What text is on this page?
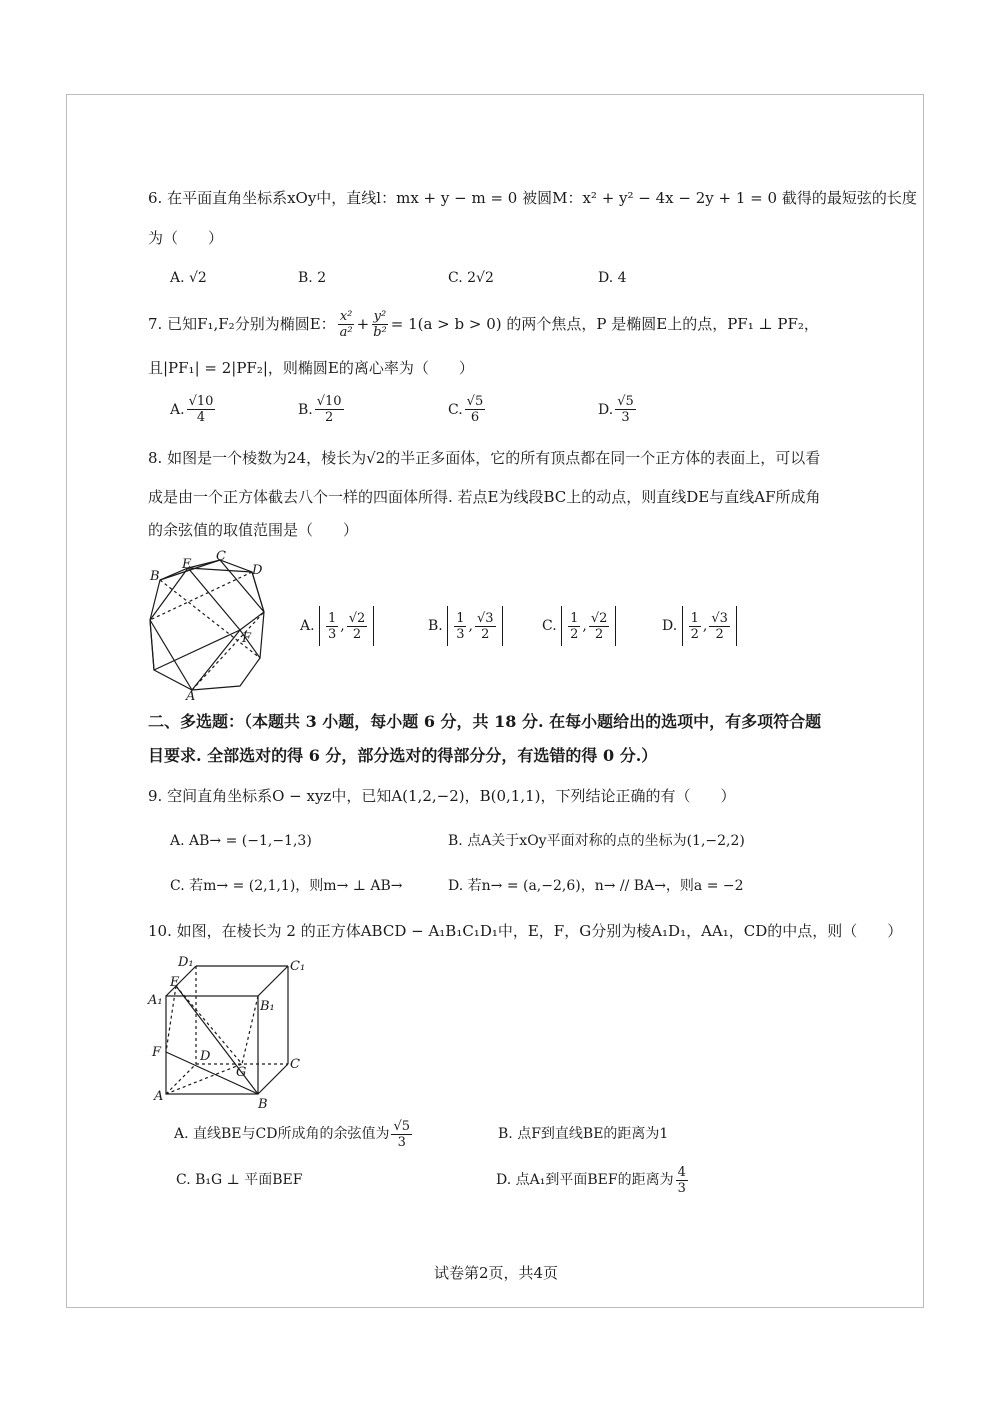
6. 在平面直角坐标系xOy中，直线l：mx + y − m = 0 被圆M：x² + y² − 4x − 2y + 1 = 0 截得的最短弦的长度
为（　　）
A. √2	B. 2	C. 2√2	D. 4
7. 已知F₁,F₂分别为椭圆E： $\frac{\text{x²}}{\text{a²}} + \frac{\text{y²}}{\text{b²}} = 1(a > b > 0)$ 的两个焦点，P 是椭圆E上的点，PF₁ ⊥ PF₂，
且|PF₁| = 2|PF₂|，则椭圆E的离心率为（　　）
A. $\frac{√10}{4}$	B. $\frac{√10}{2}$	C. $\frac{√5}{6}$	D. $\frac{√5}{3}$
8. 如图是一个棱数为24，棱长为√2的半正多面体，它的所有顶点都在同一个正方体的表面上，可以看
成是由一个正方体截去八个一样的四面体所得. 若点E为线段BC上的动点，则直线DE与直线AF所成角
的余弦值的取值范围是（　　）
B
E
C
D
F
A
A.
$\frac{1}{3}$ , $\frac{√2}{2}$	B.
$\frac{1}{3}$ , $\frac{√3}{2}$	C.
$\frac{1}{2}$ , $\frac{√2}{2}$	D.
$\frac{1}{2}$ , $\frac{√3}{2}$
二、多选题：（本题共 3 小题，每小题 6 分，共 18 分. 在每小题给出的选项中，有多项符合题
目要求. 全部选对的得 6 分，部分选对的得部分分，有选错的得 0 分.）
9. 空间直角坐标系O − xyz中，已知A(1,2,−2)，B(0,1,1)，下列结论正确的有（　　）
A. AB→ = (−1,−1,3)	B. 点A关于xOy平面对称的点的坐标为(1,−2,2)
C. 若m→ = (2,1,1)，则m→ ⊥ AB→	D. 若n→ = (a,−2,6)，n→ // BA→，则a = −2
10. 如图，在棱长为 2 的正方体ABCD − A₁B₁C₁D₁中，E，F，G分别为棱A₁D₁，AA₁，CD的中点，则（　　）
D₁	C₁
E
A₁	B₁
F	D
G
C
A
B
A. 直线BE与CD所成角的余弦值为 $\frac{√5}{3}$	B. 点F到直线BE的距离为1
C. B₁G ⊥ 平面BEF	D. 点A₁到平面BEF的距离为 $\frac{4}{3}$
试卷第2页，共4页
